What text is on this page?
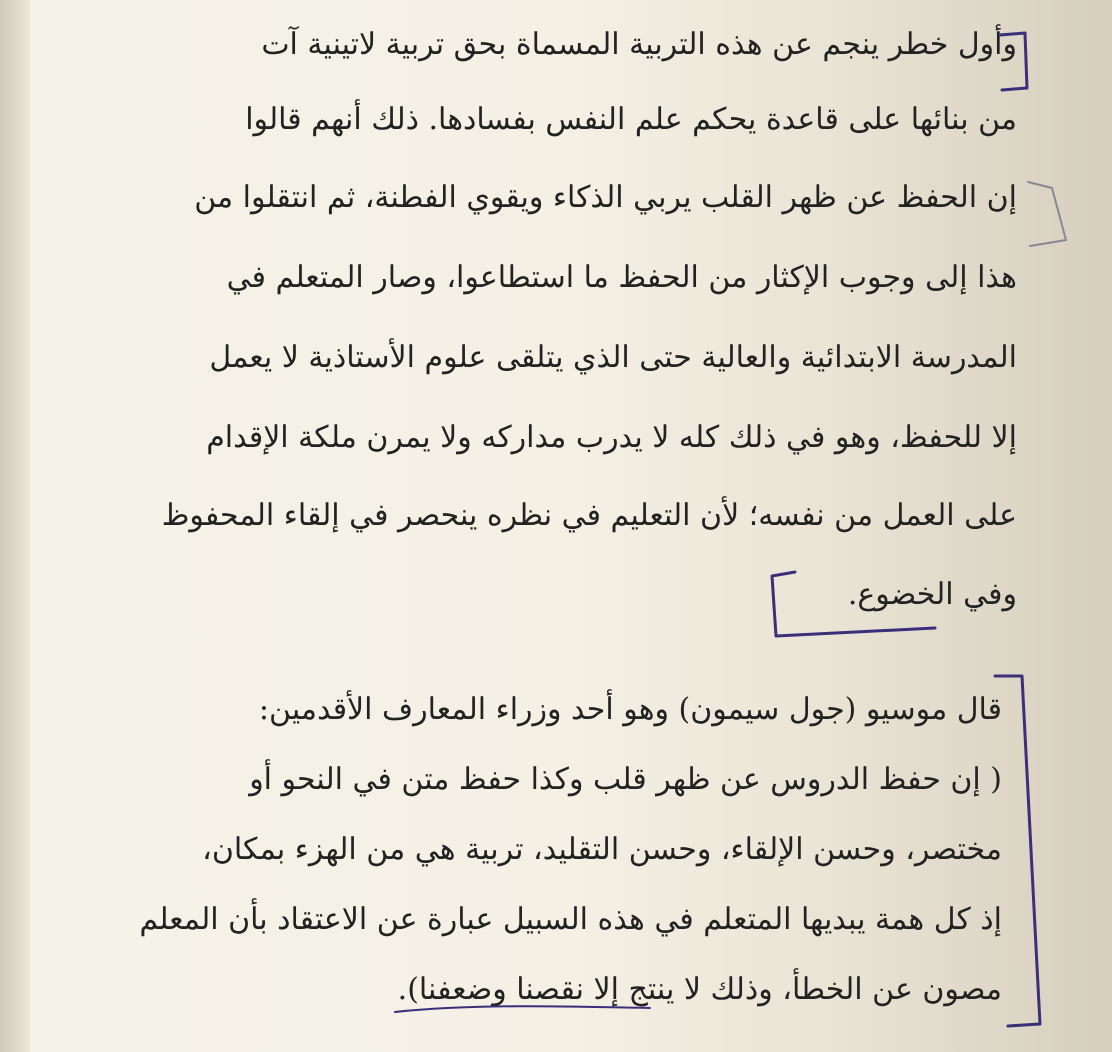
وأول خطر ينجم عن هذه التربية المسماة بحق تربية لاتينية آت
من بنائها على قاعدة يحكم علم النفس بفسادها. ذلك أنهم قالوا
إن الحفظ عن ظهر القلب يربي الذكاء ويقوي الفطنة، ثم انتقلوا من
هذا إلى وجوب الإكثار من الحفظ ما استطاعوا، وصار المتعلم في
المدرسة الابتدائية والعالية حتى الذي يتلقى علوم الأستاذية لا يعمل
إلا للحفظ، وهو في ذلك كله لا يدرب مداركه ولا يمرن ملكة الإقدام
على العمل من نفسه؛ لأن التعليم في نظره ينحصر في إلقاء المحفوظ
وفي الخضوع.
قال موسيو (جول سيمون) وهو أحد وزراء المعارف الأقدمين:
( إن حفظ الدروس عن ظهر قلب وكذا حفظ متن في النحو أو
مختصر، وحسن الإلقاء، وحسن التقليد، تربية هي من الهزء بمكان،
إذ كل همة يبديها المتعلم في هذه السبيل عبارة عن الاعتقاد بأن المعلم
مصون عن الخطأ، وذلك لا ينتج إلا نقصنا وضعفنا).
